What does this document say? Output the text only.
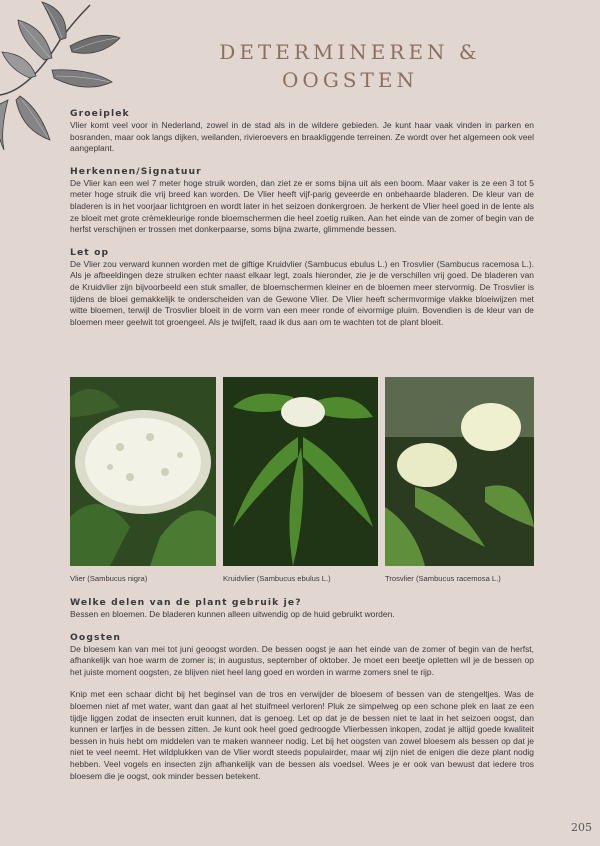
DETERMINEREN &
OOGSTEN

Groeiplek

Vlier komt veel voor in Nederland, zowel in de stad als in de wildere gebieden. Je kunt haar vaak vinden in parken en bosranden, maar ook langs dijken, weilanden, rivieroevers en braakliggende terreinen. Ze wordt over het algemeen ook veel aangeplant.

Herkennen/Signatuur

De Vlier kan een wel 7 meter hoge struik worden, dan ziet ze er soms bijna uit als een boom. Maar vaker is ze een 3 tot 5 meter hoge struik die vrij breed kan worden. De Vlier heeft vijf-parig geveerde en onbehaarde bladeren. De kleur van de bladeren is in het voorjaar lichtgroen en wordt later in het seizoen donkergroen. Je herkent de Vlier heel goed in de lente als ze bloeit met grote crèmekleurige ronde bloemschermen die heel zoetig ruiken. Aan het einde van de zomer of begin van de herfst verschijnen er trossen met donkerpaarse, soms bijna zwarte, glimmende bessen.

Let op

De Vlier zou verward kunnen worden met de giftige Kruidvlier (Sambucus ebulus L.) en Trosvlier (Sambucus racemosa L.). Als je afbeeldingen deze struiken echter naast elkaar legt, zoals hieronder, zie je de verschillen vrij goed. De bladeren van de Kruidvlier zijn bijvoorbeeld een stuk smaller, de bloemschermen kleiner en de bloemen meer stervormig. De Trosvlier is tijdens de bloei gemakkelijk te onderscheiden van de Gewone Vlier. De Vlier heeft schermvormige vlakke bloeiwijzen met witte bloemen, terwijl de Trosvlier bloeit in de vorm van een meer ronde of eivormige pluim. Bovendien is de kleur van de bloemen meer geelwit tot groengeel. Als je twijfelt, raad ik dus aan om te wachten tot de plant bloeit.

Vlier (Sambucus nigra)	Kruidvlier (Sambucus ebulus L.)	Trosvlier (Sambucus racemosa L.)

Welke delen van de plant gebruik je?

Bessen en bloemen. De bladeren kunnen alleen uitwendig op de huid gebruikt worden.

Oogsten

De bloesem kan van mei tot juni geoogst worden. De bessen oogst je aan het einde van de zomer of begin van de herfst, afhankelijk van hoe warm de zomer is; in augustus, september of oktober. Je moet een beetje opletten wil je de bessen op het juiste moment oogsten, ze blijven niet heel lang goed en worden in warme zomers snel te rijp.

Knip met een schaar dicht bij het beginsel van de tros en verwijder de bloesem of bessen van de stengeltjes. Was de bloemen niet af met water, want dan gaat al het stuifmeel verloren! Pluk ze simpelweg op een schone plek en laat ze een tijdje liggen zodat de insecten eruit kunnen, dat is genoeg. Let op dat je de bessen niet te laat in het seizoen oogst, dan kunnen er larfjes in de bessen zitten. Je kunt ook heel goed gedroogde Vlierbessen inkopen, zodat je altijd goede kwaliteit bessen in huis hebt om middelen van te maken wanneer nodig. Let bij het oogsten van zowel bloesem als bessen op dat je niet te veel neemt. Het wildplukken van de Vlier wordt steeds populairder, maar wij zijn niet de enigen die deze plant nodig hebben. Veel vogels en insecten zijn afhankelijk van de bessen als voedsel. Wees je er ook van bewust dat iedere tros bloesem die je oogst, ook minder bessen betekent.

205
